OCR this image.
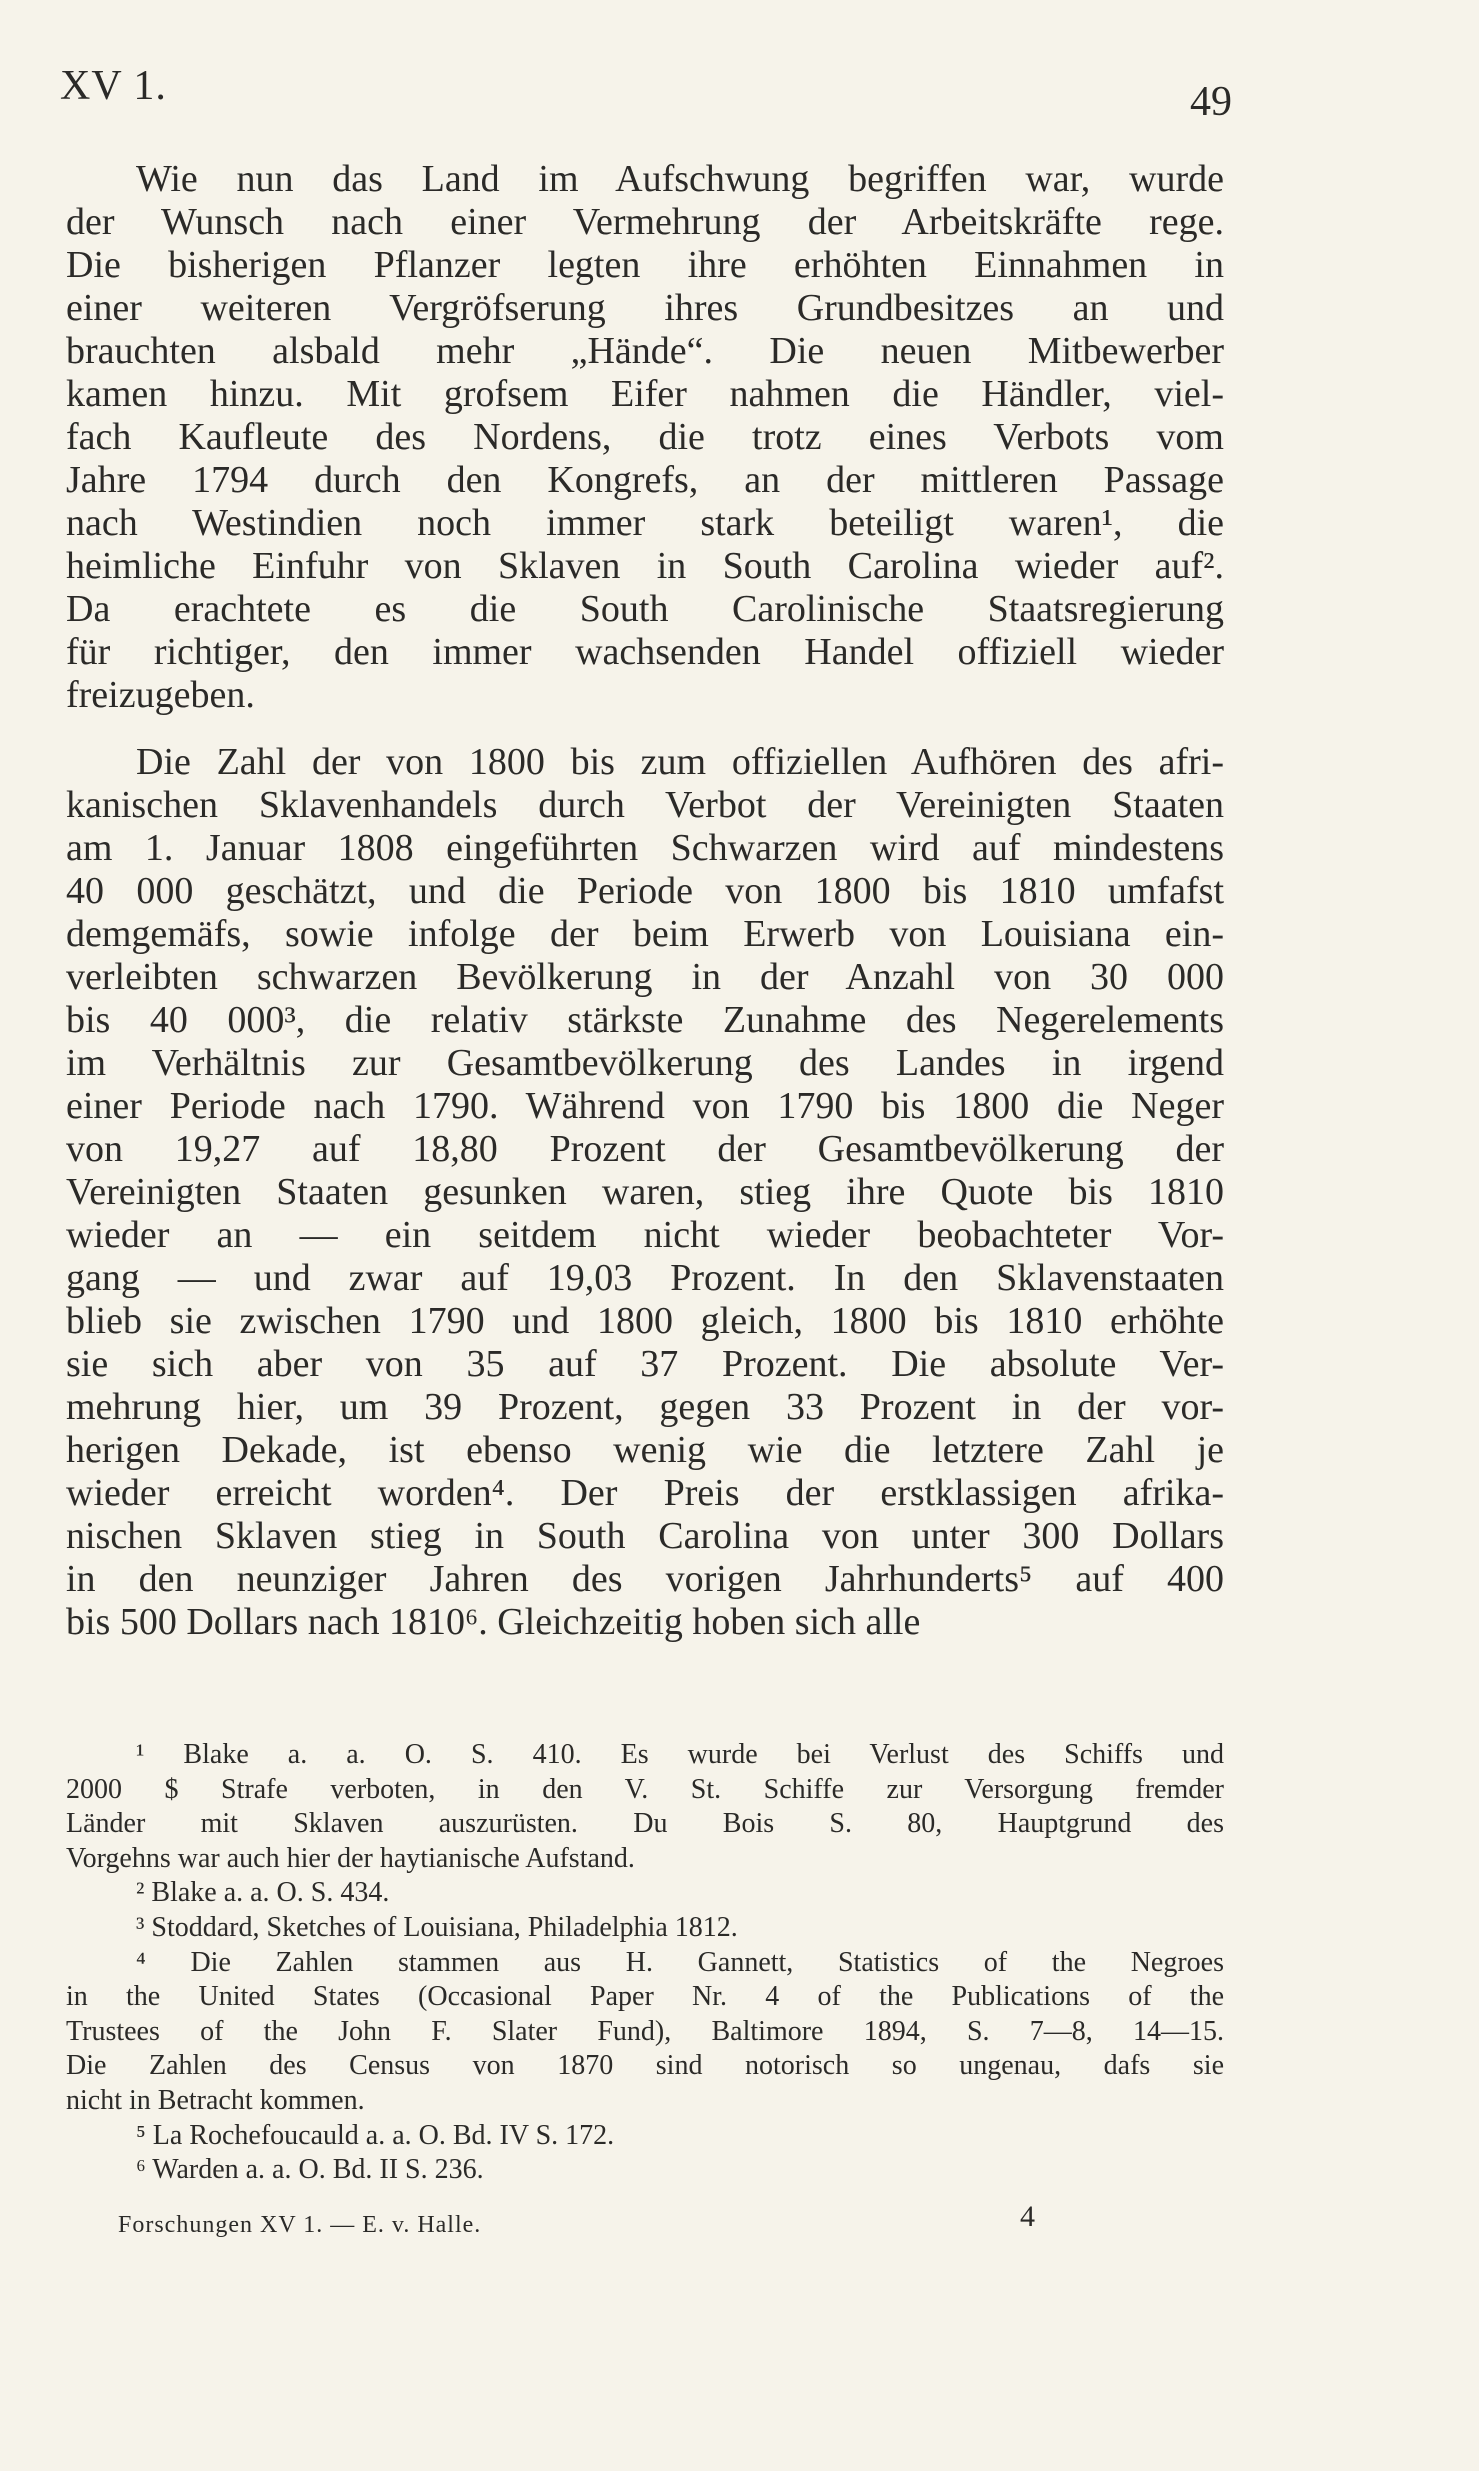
XV 1.	49
Wie nun das Land im Aufschwung begriffen war, wurde
der Wunsch nach einer Vermehrung der Arbeitskräfte rege.
Die bisherigen Pflanzer legten ihre erhöhten Einnahmen in
einer weiteren Vergröfserung ihres Grundbesitzes an und
brauchten alsbald mehr „Hände“. Die neuen Mitbewerber
kamen hinzu. Mit grofsem Eifer nahmen die Händler, viel-
fach Kaufleute des Nordens, die trotz eines Verbots vom
Jahre 1794 durch den Kongrefs, an der mittleren Passage
nach Westindien noch immer stark beteiligt waren¹, die
heimliche Einfuhr von Sklaven in South Carolina wieder auf².
Da erachtete es die South Carolinische Staatsregierung
für richtiger, den immer wachsenden Handel offiziell wieder
freizugeben.
Die Zahl der von 1800 bis zum offiziellen Aufhören des afri-
kanischen Sklavenhandels durch Verbot der Vereinigten Staaten
am 1. Januar 1808 eingeführten Schwarzen wird auf mindestens
40 000 geschätzt, und die Periode von 1800 bis 1810 umfafst
demgemäfs, sowie infolge der beim Erwerb von Louisiana ein-
verleibten schwarzen Bevölkerung in der Anzahl von 30 000
bis 40 000³, die relativ stärkste Zunahme des Negerelements
im Verhältnis zur Gesamtbevölkerung des Landes in irgend
einer Periode nach 1790. Während von 1790 bis 1800 die Neger
von 19,27 auf 18,80 Prozent der Gesamtbevölkerung der
Vereinigten Staaten gesunken waren, stieg ihre Quote bis 1810
wieder an — ein seitdem nicht wieder beobachteter Vor-
gang — und zwar auf 19,03 Prozent. In den Sklavenstaaten
blieb sie zwischen 1790 und 1800 gleich, 1800 bis 1810 erhöhte
sie sich aber von 35 auf 37 Prozent. Die absolute Ver-
mehrung hier, um 39 Prozent, gegen 33 Prozent in der vor-
herigen Dekade, ist ebenso wenig wie die letztere Zahl je
wieder erreicht worden⁴. Der Preis der erstklassigen afrika-
nischen Sklaven stieg in South Carolina von unter 300 Dollars
in den neunziger Jahren des vorigen Jahrhunderts⁵ auf 400
bis 500 Dollars nach 1810⁶. Gleichzeitig hoben sich alle
¹ Blake a. a. O. S. 410. Es wurde bei Verlust des Schiffs und
2000 $ Strafe verboten, in den V. St. Schiffe zur Versorgung fremder
Länder mit Sklaven auszurüsten. Du Bois S. 80, Hauptgrund des
Vorgehns war auch hier der haytianische Aufstand.
² Blake a. a. O. S. 434.
³ Stoddard, Sketches of Louisiana, Philadelphia 1812.
⁴ Die Zahlen stammen aus H. Gannett, Statistics of the Negroes
in the United States (Occasional Paper Nr. 4 of the Publications of the
Trustees of the John F. Slater Fund), Baltimore 1894, S. 7—8, 14—15.
Die Zahlen des Census von 1870 sind notorisch so ungenau, dafs sie
nicht in Betracht kommen.
⁵ La Rochefoucauld a. a. O. Bd. IV S. 172.
⁶ Warden a. a. O. Bd. II S. 236.
Forschungen XV 1. — E. v. Halle.	4
